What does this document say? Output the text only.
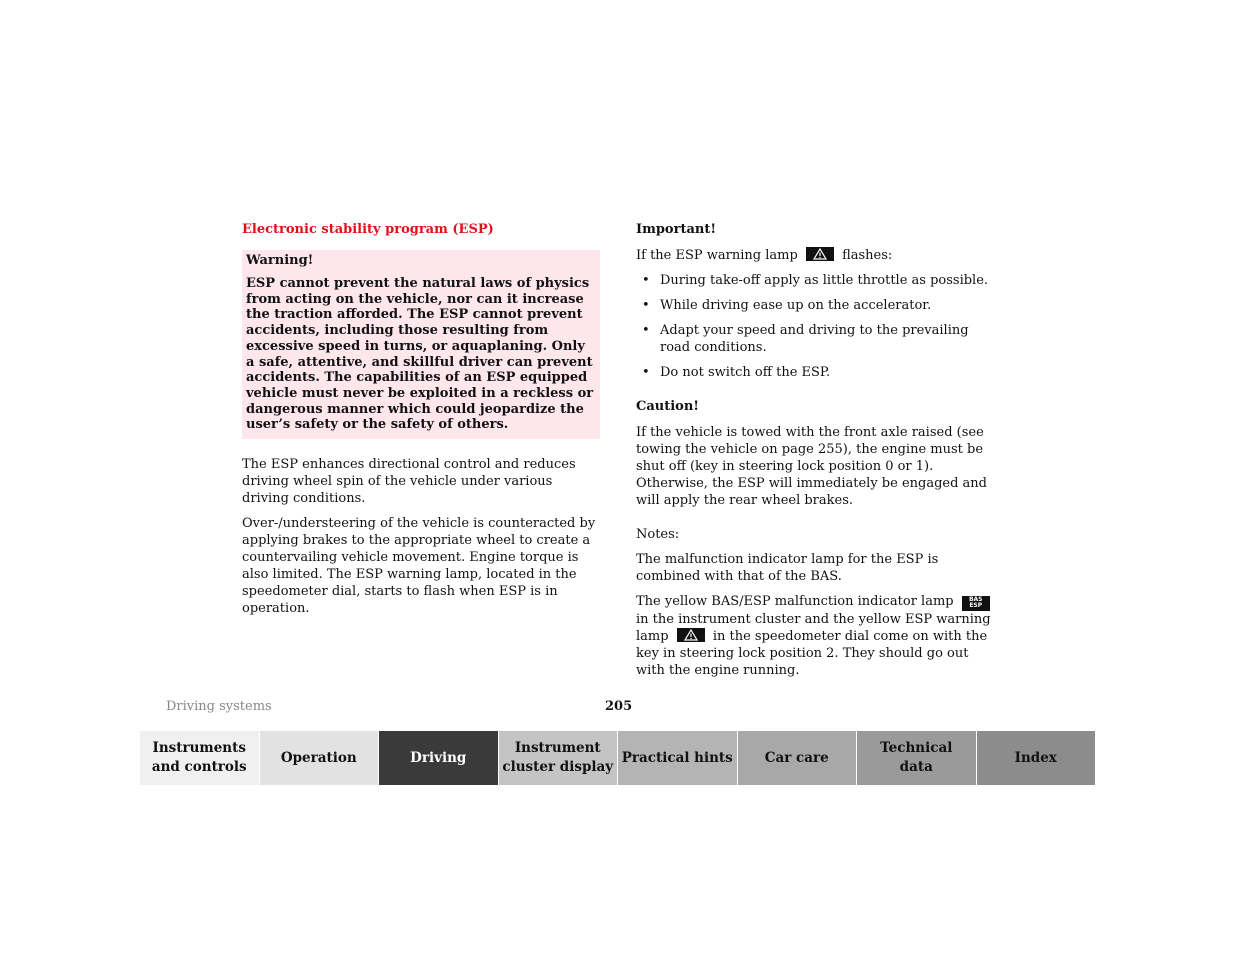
Electronic stability program (ESP)
Warning!

ESP cannot prevent the natural laws of physics from acting on the vehicle, nor can it increase the traction afforded. The ESP cannot prevent accidents, including those resulting from excessive speed in turns, or aquaplaning. Only a safe, attentive, and skillful driver can prevent accidents. The capabilities of an ESP equipped vehicle must never be exploited in a reckless or dangerous manner which could jeopardize the user’s safety or the safety of others.

The ESP enhances directional control and reduces driving wheel spin of the vehicle under various driving conditions.

Over-/understeering of the vehicle is counteracted by applying brakes to the appropriate wheel to create a countervailing vehicle movement. Engine torque is also limited. The ESP warning lamp, located in the speedometer dial, starts to flash when ESP is in operation.

Important!

If the ESP warning lamp	flashes:

• During take-off apply as little throttle as possible.
• While driving ease up on the accelerator.
• Adapt your speed and driving to the prevailing road conditions.
• Do not switch off the ESP.
Caution!

If the vehicle is towed with the front axle raised (see towing the vehicle on page 255), the engine must be shut off (key in steering lock position 0 or 1). Otherwise, the ESP will immediately be engaged and will apply the rear wheel brakes.

Notes:

The malfunction indicator lamp for the ESP is combined with that of the BAS.

The yellow BAS/ESP malfunction indicator lamp	BAS
ESP in the instrument cluster and the yellow ESP warning lamp	in the speedometer dial come on with the key in steering lock position 2. They should go out with the engine running.

Driving systems	205
Instruments
and controls
Operation	Driving
Instrument
cluster display
Practical hints Car care
Technical
data
Index
